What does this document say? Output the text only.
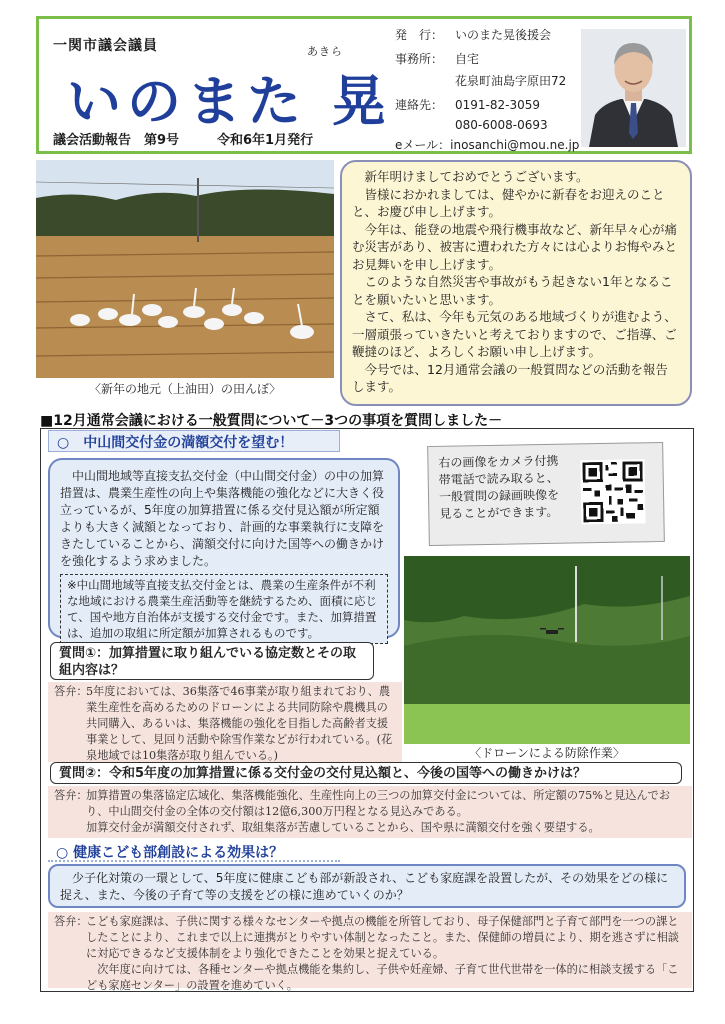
一関市議会議員	あきら
いのまた 晃
議会活動報告　第9号	令和6年1月発行
発　行： いのまた晃後援会
事務所： 自宅
花泉町油島字原田72
連絡先： 0191-82-3059
080-6008-0693
eメール：inosanchi@mou.ne.jp
〈新年の地元（上油田）の田んぼ〉

新年明けましておめでとうございます。

皆様におかれましては、健やかに新春をお迎えのことと、お慶び申し上げます。

今年は、能登の地震や飛行機事故など、新年早々心が痛む災害があり、被害に遭われた方々には心よりお悔やみとお見舞いを申し上げます。

このような自然災害や事故がもう起きない1年となることを願いたいと思います。

さて、私は、今年も元気のある地域づくりが進むよう、一層頑張っていきたいと考えておりますので、ご指導、ご鞭撻のほど、よろしくお願い申し上げます。

今号では、12月通常会議の一般質問などの活動を報告します。

■12月通常会議における一般質問について－3つの事項を質問しました－
○　中山間交付金の満額交付を望む！

中山間地域等直接支払交付金（中山間交付金）の中の加算措置は、農業生産性の向上や集落機能の強化などに大きく役立っているが、5年度の加算措置に係る交付見込額が所定額よりも大きく減額となっており、計画的な事業執行に支障をきたしていることから、満額交付に向けた国等への働きかけを強化するよう求めました。

※中山間地域等直接支払交付金とは、農業の生産条件が不利な地域における農業生産活動等を継続するため、面積に応じて、国や地方自治体が支援する交付金です。また、加算措置は、追加の取組に所定額が加算されるものです。
右の画像をカメラ付携帯電話で読み取ると、一般質問の録画映像を見ることができます。
〈ドローンによる防除作業〉
質問①：加算措置に取り組んでいる協定数とその取組内容は？
答弁：
5年度においては、36集落で46事業が取り組まれており、農業生産性を高めるためのドローンによる共同防除や農機具の共同購入、あるいは、集落機能の強化を目指した高齢者支援事業として、見回り活動や除雪作業などが行われている。(花泉地域では10集落が取り組んでいる。)
質問②：令和5年度の加算措置に係る交付金の交付見込額と、今後の国等への働きかけは？
答弁：
加算措置の集落協定広域化、集落機能強化、生産性向上の三つの加算交付金については、所定額の75%と見込んでおり、中山間交付金の全体の交付額は12億6,300万円程となる見込みである。
加算交付金が満額交付されず、取組集落が苦慮していることから、国や県に満額交付を強く要望する。
○ 健康こども部創設による効果は？

少子化対策の一環として、5年度に健康こども部が新設され、こども家庭課を設置したが、その効果をどの様に捉え、また、今後の子育て等の支援をどの様に進めていくのか？

答弁：
こども家庭課は、子供に関する様々なセンターや拠点の機能を所管しており、母子保健部門と子育て部門を一つの課としたことにより、これまで以上に連携がとりやすい体制となったこと。また、保健師の増員により、期を逃さずに相談に対応できるなど支援体制をより強化できたことを効果と捉えている。
次年度に向けては、各種センターや拠点機能を集約し、子供や妊産婦、子育て世代世帯を一体的に相談支援する「こども家庭センター」の設置を進めていく。
